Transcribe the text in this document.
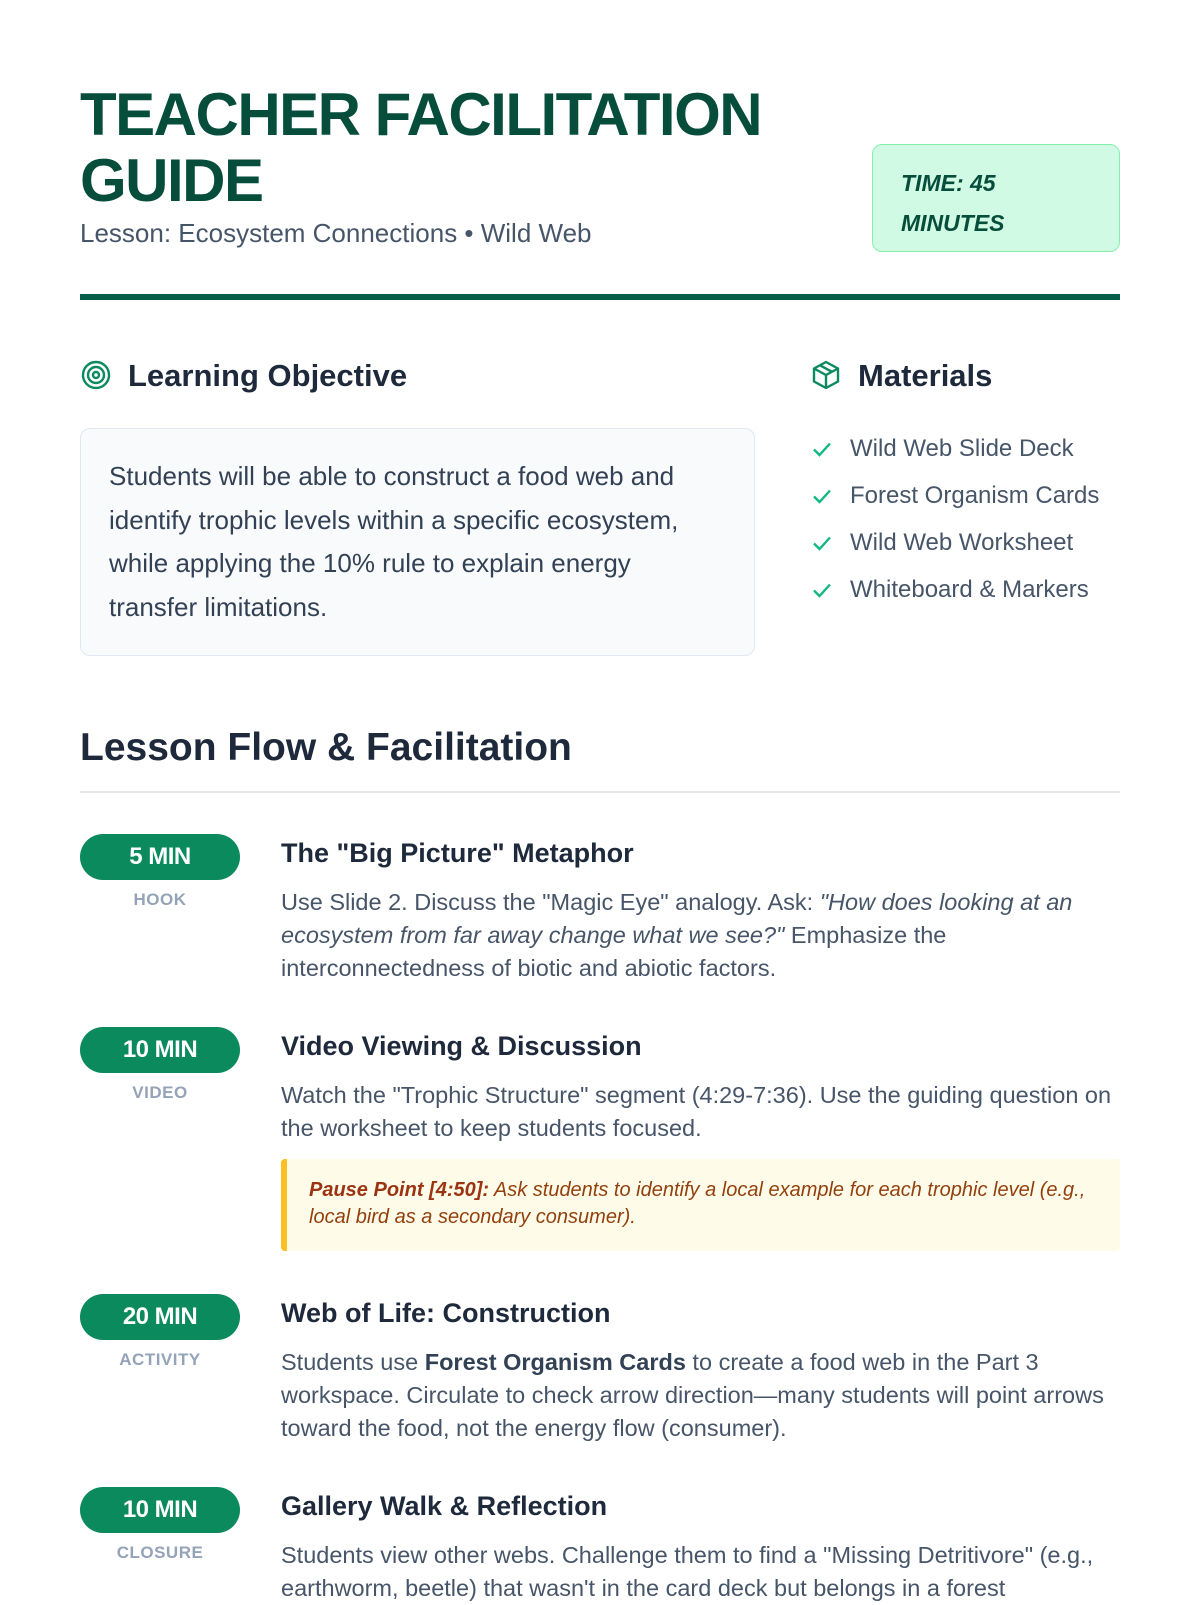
TEACHER FACILITATION GUIDE
Lesson: Ecosystem Connections • Wild Web
TIME: 45 MINUTES
Learning Objective
Students will be able to construct a food web and identify trophic levels within a specific ecosystem, while applying the 10% rule to explain energy transfer limitations.
Materials
Wild Web Slide Deck
Forest Organism Cards
Wild Web Worksheet
Whiteboard & Markers
Lesson Flow & Facilitation
5 MIN
HOOK
The "Big Picture" Metaphor
Use Slide 2. Discuss the "Magic Eye" analogy. Ask: "How does looking at an ecosystem from far away change what we see?" Emphasize the interconnectedness of biotic and abiotic factors.
10 MIN
VIDEO
Video Viewing & Discussion
Watch the "Trophic Structure" segment (4:29-7:36). Use the guiding question on the worksheet to keep students focused.
Pause Point [4:50]: Ask students to identify a local example for each trophic level (e.g., local bird as a secondary consumer).
20 MIN
ACTIVITY
Web of Life: Construction
Students use Forest Organism Cards to create a food web in the Part 3 workspace. Circulate to check arrow direction—many students will point arrows toward the food, not the energy flow (consumer).
10 MIN
CLOSURE
Gallery Walk & Reflection
Students view other webs. Challenge them to find a "Missing Detritivore" (e.g., earthworm, beetle) that wasn't in the card deck but belongs in a forest
